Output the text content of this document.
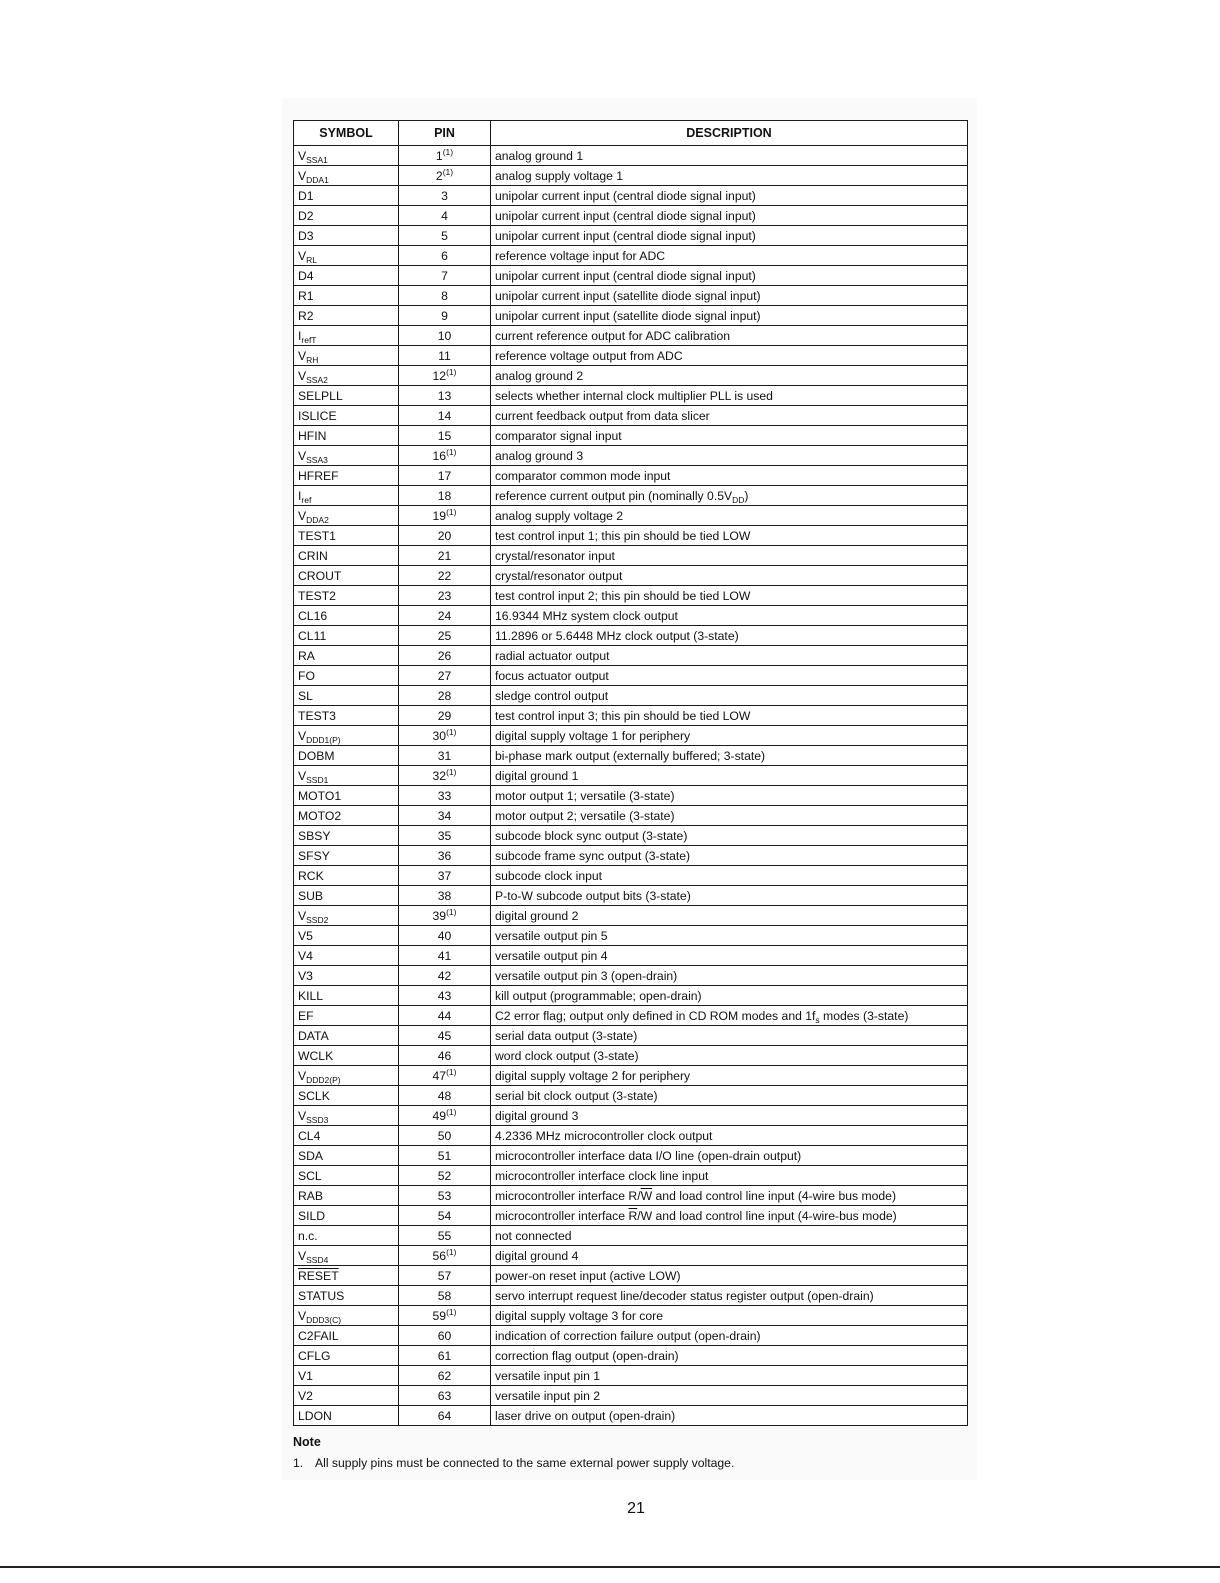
SYMBOL	PIN	DESCRIPTION
$V_{SSA1}$	1$^{(1)}$	analog ground 1
$V_{DDA1}$	2$^{(1)}$	analog supply voltage 1
D1	3	unipolar current input (central diode signal input)
D2	4	unipolar current input (central diode signal input)
D3	5	unipolar current input (central diode signal input)
$V_{RL}$	6	reference voltage input for ADC
D4	7	unipolar current input (central diode signal input)
R1	8	unipolar current input (satellite diode signal input)
R2	9	unipolar current input (satellite diode signal input)
$I_{refT}$	10	current reference output for ADC calibration
$V_{RH}$	11	reference voltage output from ADC
$V_{SSA2}$	12$^{(1)}$	analog ground 2
SELPLL	13	selects whether internal clock multiplier PLL is used
ISLICE	14	current feedback output from data slicer
HFIN	15	comparator signal input
$V_{SSA3}$	16$^{(1)}$	analog ground 3
HFREF	17	comparator common mode input
$I_{ref}$	18	reference current output pin (nominally $0.5V_{DD}$)
$V_{DDA2}$	19$^{(1)}$	analog supply voltage 2
TEST1	20	test control input 1; this pin should be tied LOW
CRIN	21	crystal/resonator input
CROUT	22	crystal/resonator output
TEST2	23	test control input 2; this pin should be tied LOW
CL16	24	16.9344 MHz system clock output
CL11	25	11.2896 or 5.6448 MHz clock output (3-state)
RA	26	radial actuator output
FO	27	focus actuator output
SL	28	sledge control output
TEST3	29	test control input 3; this pin should be tied LOW
$V_{DDD1(P)}$	30$^{(1)}$	digital supply voltage 1 for periphery
DOBM	31	bi-phase mark output (externally buffered; 3-state)
$V_{SSD1}$	32$^{(1)}$	digital ground 1
MOTO1	33	motor output 1; versatile (3-state)
MOTO2	34	motor output 2; versatile (3-state)
SBSY	35	subcode block sync output (3-state)
SFSY	36	subcode frame sync output (3-state)
RCK	37	subcode clock input
SUB	38	P-to-W subcode output bits (3-state)
$V_{SSD2}$	39$^{(1)}$	digital ground 2
V5	40	versatile output pin 5
V4	41	versatile output pin 4
V3	42	versatile output pin 3 (open-drain)
KILL	43	kill output (programmable; open-drain)
EF	44	C2 error flag; output only defined in CD ROM modes and $1f_s$ modes (3-state)
DATA	45	serial data output (3-state)
WCLK	46	word clock output (3-state)
$V_{DDD2(P)}$	47$^{(1)}$	digital supply voltage 2 for periphery
SCLK	48	serial bit clock output (3-state)
$V_{SSD3}$	49$^{(1)}$	digital ground 3
CL4	50	4.2336 MHz microcontroller clock output
SDA	51	microcontroller interface data I/O line (open-drain output)
SCL	52	microcontroller interface clock line input
RAB	53	microcontroller interface $R/\overline{W}$ and load control line input (4-wire bus mode)
SILD	54	microcontroller interface $\overline{R}/W$ and load control line input (4-wire-bus mode)
n.c.	55	not connected
$V_{SSD4}$	56$^{(1)}$	digital ground 4
RESET	57	power-on reset input (active LOW)
STATUS	58	servo interrupt request line/decoder status register output (open-drain)
$V_{DDD3(C)}$	59$^{(1)}$	digital supply voltage 3 for core
C2FAIL	60	indication of correction failure output (open-drain)
CFLG	61	correction flag output (open-drain)
V1	62	versatile input pin 1
V2	63	versatile input pin 2
LDON	64	laser drive on output (open-drain)
Note
1. All supply pins must be connected to the same external power supply voltage.
21
